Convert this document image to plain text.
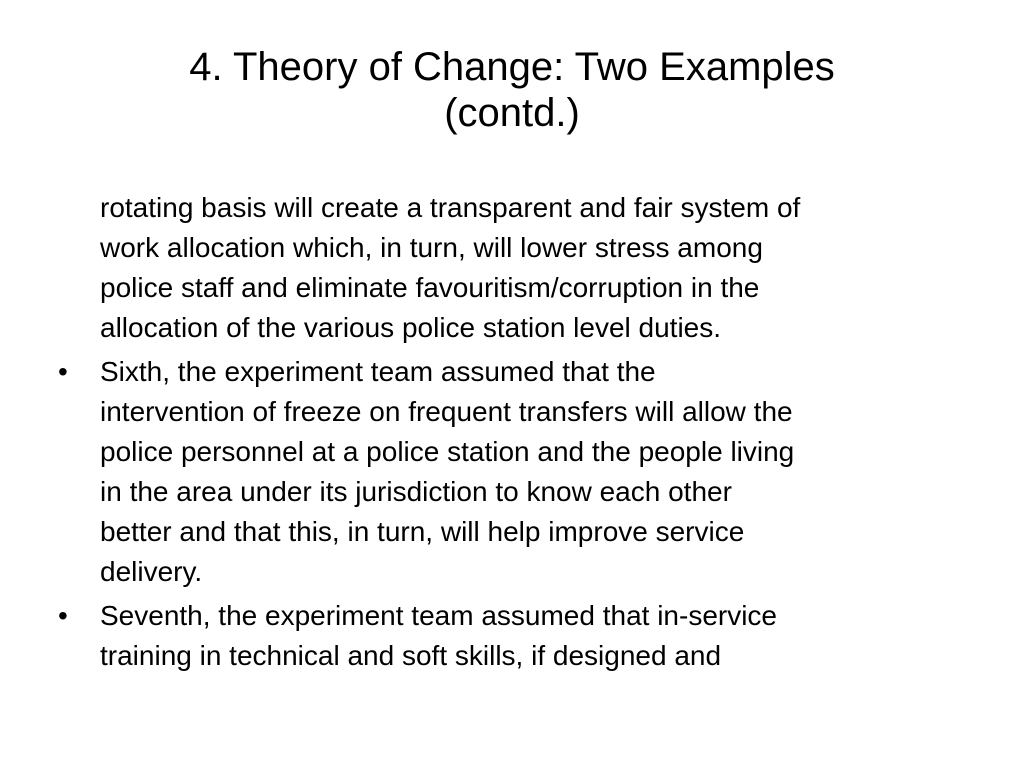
4. Theory of Change: Two Examples
(contd.)

rotating basis will create a transparent and fair system of
work allocation which, in turn, will lower stress among
police staff and eliminate favouritism/corruption in the
allocation of the various police station level duties.

•	Sixth, the experiment team assumed that the
intervention of freeze on frequent transfers will allow the
police personnel at a police station and the people living
in the area under its jurisdiction to know each other
better and that this, in turn, will help improve service
delivery.

•	Seventh, the experiment team assumed that in-service
training in technical and soft skills, if designed and
